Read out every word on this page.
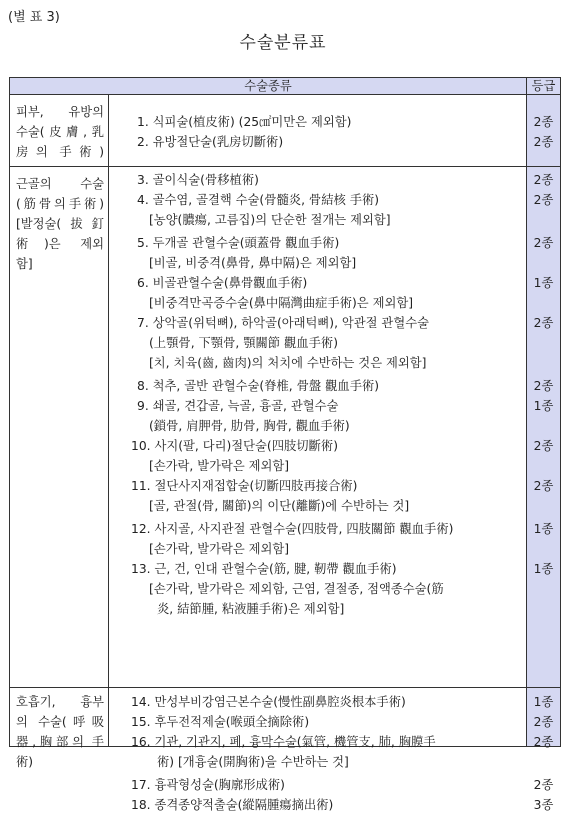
(별 표 3)
수술분류표
수술종류	등급
피부, 유방의
수술(皮膚,乳
房의 手術)
1. 식피술(植皮術) (25㎠미만은 제외함)
2. 유방절단술(乳房切斷術)
2종
2종
근골의 수술
(筋骨의手術)
[발정술(拔釘
術)은 제외
함]
3. 골이식술(骨移植術)
4. 골수염, 골결핵 수술(骨髓炎, 骨結核 手術)
[농양(膿瘍, 고름집)의 단순한 절개는 제외함]
5. 두개골 관혈수술(頭蓋骨 觀血手術)
[비골, 비중격(鼻骨, 鼻中隔)은 제외함]
6. 비골관혈수술(鼻骨觀血手術)
[비중격만곡증수술(鼻中隔灣曲症手術)은 제외함]
7. 상악골(위턱뼈), 하악골(아래턱뼈), 악관절 관혈수술
(上顎骨, 下顎骨, 顎關節 觀血手術)
[치, 치육(齒, 齒肉)의 처치에 수반하는 것은 제외함]
8. 척추, 골반 관혈수술(脊椎, 骨盤 觀血手術)
9. 쇄골, 견갑골, 늑골, 흉골, 관혈수술
(鎖骨, 肩胛骨, 肋骨, 胸骨, 觀血手術)
10. 사지(팔, 다리)절단술(四肢切斷術)
[손가락, 발가락은 제외함]
11. 절단사지재접합술(切斷四肢再接合術)
[골, 관절(骨, 關節)의 이단(離斷)에 수반하는 것]
12. 사지골, 사지관절 관혈수술(四肢骨, 四肢關節 觀血手術)
[손가락, 발가락은 제외함]
13. 근, 건, 인대 관혈수술(筋, 腱, 靭帶 觀血手術)
[손가락, 발가락은 제외함, 근염, 결절종, 점액종수술(筋
炎, 結節腫, 粘液腫手術)은 제외함]
2종
2종
2종
1종
2종
2종
1종
2종
2종
1종
1종
호흡기, 흉부
의 수술(呼吸
器,胸部의 手
術)
14. 만성부비강염근본수술(慢性副鼻腔炎根本手術)
15. 후두전적제술(喉頭全摘除術)
16. 기관, 기관지, 폐, 흉막수술(氣管, 機管支, 肺, 胸膜手
術) [개흉술(開胸術)을 수반하는 것]
17. 흉곽형성술(胸廓形成術)
18. 종격종양적출술(縱隔腫瘍摘出術)
1종
2종
2종
2종
3종
